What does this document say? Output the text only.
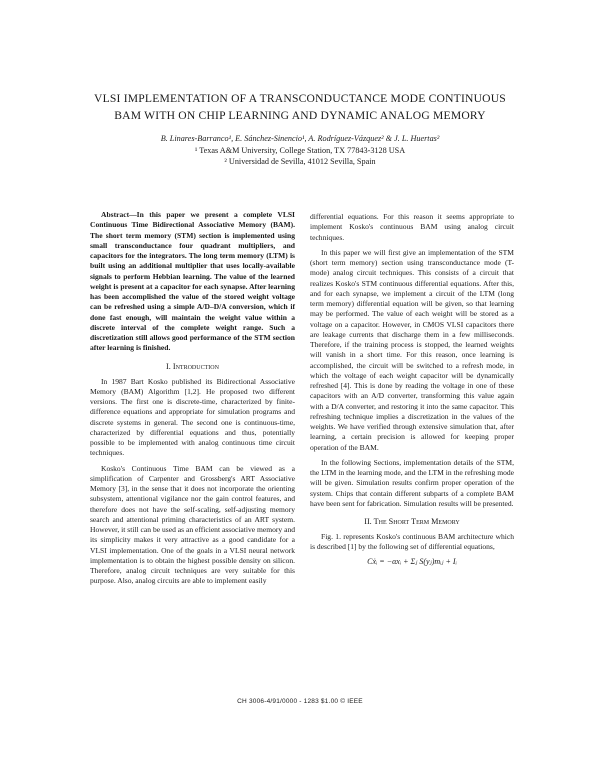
VLSI IMPLEMENTATION OF A TRANSCONDUCTANCE MODE CONTINUOUS
BAM WITH ON CHIP LEARNING AND DYNAMIC ANALOG MEMORY
B. Linares-Barranco¹, E. Sánchez-Sinencio¹, A. Rodríguez-Vázquez² & J. L. Huertas²
¹ Texas A&M University, College Station, TX 77843-3128 USA
² Universidad de Sevilla, 41012 Sevilla, Spain

Abstract—In this paper we present a complete VLSI Continuous Time Bidirectional Associative Memory (BAM). The short term memory (STM) section is implemented using small transconductance four quadrant multipliers, and capacitors for the integrators. The long term memory (LTM) is built using an additional multiplier that uses locally-available signals to perform Hebbian learning. The value of the learned weight is present at a capacitor for each synapse. After learning has been accomplished the value of the stored weight voltage can be refreshed using a simple A/D–D/A conversion, which if done fast enough, will maintain the weight value within a discrete interval of the complete weight range. Such a discretization still allows good performance of the STM section after learning is finished.

I. Introduction

In 1987 Bart Kosko published its Bidirectional Associative Memory (BAM) Algorithm [1,2]. He proposed two different versions. The first one is discrete-time, characterized by finite-difference equations and appropriate for simulation programs and discrete systems in general. The second one is continuous-time, characterized by differential equations and thus, potentially possible to be implemented with analog continuous time circuit techniques.

Kosko's Continuous Time BAM can be viewed as a simplification of Carpenter and Grossberg's ART Associative Memory [3], in the sense that it does not incorporate the orienting subsystem, attentional vigilance nor the gain control features, and therefore does not have the self-scaling, self-adjusting memory search and attentional priming characteristics of an ART system. However, it still can be used as an efficient associative memory and its simplicity makes it very attractive as a good candidate for a VLSI implementation. One of the goals in a VLSI neural network implementation is to obtain the highest possible density on silicon. Therefore, analog circuit techniques are very suitable for this purpose. Also, analog circuits are able to implement easily

differential equations. For this reason it seems appropriate to implement Kosko's continuous BAM using analog circuit techniques.

In this paper we will first give an implementation of the STM (short term memory) section using transconductance mode (T-mode) analog circuit techniques. This consists of a circuit that realizes Kosko's STM continuous differential equations. After this, and for each synapse, we implement a circuit of the LTM (long term memory) differential equation will be given, so that learning may be performed. The value of each weight will be stored as a voltage on a capacitor. However, in CMOS VLSI capacitors there are leakage currents that discharge them in a few milliseconds. Therefore, if the training process is stopped, the learned weights will vanish in a short time. For this reason, once learning is accomplished, the circuit will be switched to a refresh mode, in which the voltage of each weight capacitor will be dynamically refreshed [4]. This is done by reading the voltage in one of these capacitors with an A/D converter, transforming this value again with a D/A converter, and restoring it into the same capacitor. This refreshing technique implies a discretization in the values of the weights. We have verified through extensive simulation that, after learning, a certain precision is allowed for keeping proper operation of the BAM.

In the following Sections, implementation details of the STM, the LTM in the learning mode, and the LTM in the refreshing mode will be given. Simulation results confirm proper operation of the system. Chips that contain different subparts of a complete BAM have been sent for fabrication. Simulation results will be presented.

II. The Short Term Memory

Fig. 1. represents Kosko's continuous BAM architecture which is described [1] by the following set of differential equations,

Cẋᵢ = −αxᵢ + Σⱼ S(yⱼ)mᵢⱼ + Iᵢ

CH 3006-4/91/0000 - 1283 $1.00 © IEEE
